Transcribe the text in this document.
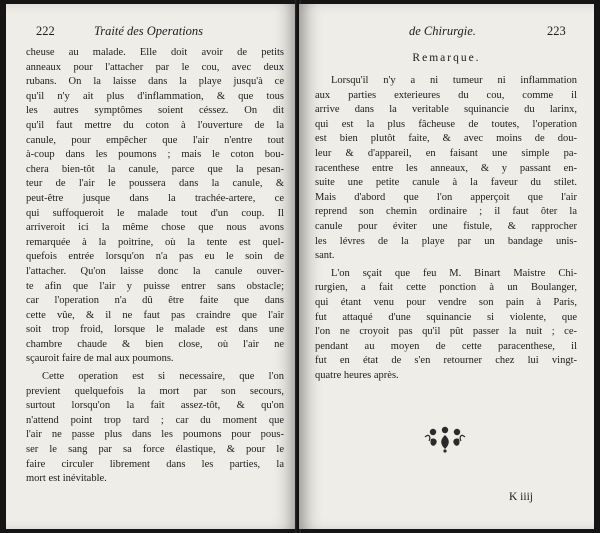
222	Traité des Operations

cheuse au malade. Elle doit avoir de petits
anneaux pour l'attacher par le cou, avec deux
rubans. On la laisse dans la playe jusqu'à ce
qu'il n'y ait plus d'inflammation, & que tous
les autres symptômes soient céssez. On dit
qu'il faut mettre du coton à l'ouverture de la
canule, pour empêcher que l'air n'entre tout
à-coup dans les poumons ; mais le coton bou-
chera bien-tôt la canule, parce que la pesan-
teur de l'air le poussera dans la canule, &
peut-être jusque dans la trachée-artere, ce
qui suffoqueroit le malade tout d'un coup. Il
arriveroit ici la même chose que nous avons
remarquée à la poitrine, où la tente est quel-
quefois entrée lorsqu'on n'a pas eu le soin de
l'attacher. Qu'on laisse donc la canule ouver-
te afin que l'air y puisse entrer sans obstacle;
car l'operation n'a dû être faite que dans
cette vûe, & il ne faut pas craindre que l'air
soit trop froid, lorsque le malade est dans une
chambre chaude & bien close, où l'air ne
sçauroit faire de mal aux poumons.

Cette operation est si necessaire, que l'on
previent quelquefois la mort par son secours,
surtout lorsqu'on la fait assez-tôt, & qu'on
n'attend point trop tard ; car du moment que
l'air ne passe plus dans les poumons pour pous-
ser le sang par sa force élastique, & pour le
faire circuler librement dans les parties, la
mort est inévitable.

de Chirurgie.	223
Remarque.

Lorsqu'il n'y a ni tumeur ni inflammation
aux parties exterieures du cou, comme il
arrive dans la veritable squinancie du larinx,
qui est la plus fâcheuse de toutes, l'operation
est bien plutôt faite, & avec moins de dou-
leur & d'appareil, en faisant une simple pa-
racenthese entre les anneaux, & y passant en-
suite une petite canule à la faveur du stilet.
Mais d'abord que l'on apperçoit que l'air
reprend son chemin ordinaire ; il faut ôter la
canule pour éviter une fistule, & rapprocher
les lévres de la playe par un bandage unis-
sant.

L'on sçait que feu M. Binart Maistre Chi-
rurgien, a fait cette ponction à un Boulanger,
qui étant venu pour vendre son pain à Paris,
fut attaqué d'une squinancie si violente, que
l'on ne croyoit pas qu'il pût passer la nuit ; ce-
pendant au moyen de cette paracenthese, il
fut en état de s'en retourner chez lui vingt-
quatre heures après.

K iiij
